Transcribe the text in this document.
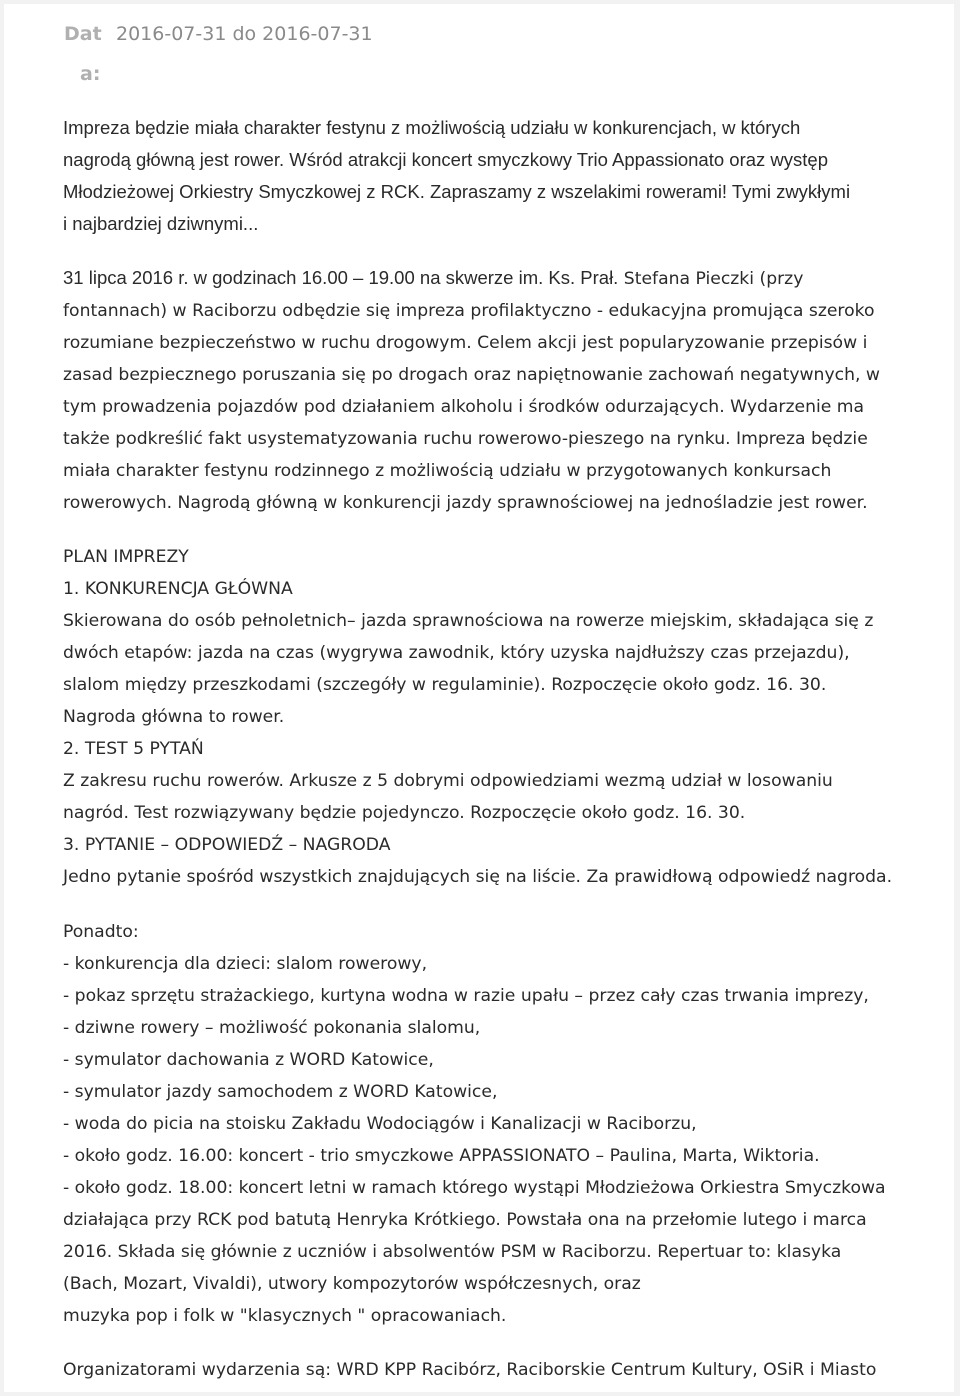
Dat
a:
2016-07-31 do 2016-07-31

Impreza będzie miała charakter festynu z możliwością udziału w konkurencjach, w których
nagrodą główną jest rower. Wśród atrakcji koncert smyczkowy Trio Appassionato oraz występ
Młodzieżowej Orkiestry Smyczkowej z RCK. Zapraszamy z wszelakimi rowerami! Tymi zwykłymi
i najbardziej dziwnymi...

31 lipca 2016 r. w godzinach 16.00 – 19.00 na skwerze im. Ks. Prał. Stefana Pieczki (przy
fontannach) w Raciborzu odbędzie się impreza profilaktyczno - edukacyjna promująca szeroko
rozumiane bezpieczeństwo w ruchu drogowym. Celem akcji jest popularyzowanie przepisów i
zasad bezpiecznego poruszania się po drogach oraz napiętnowanie zachowań negatywnych, w
tym prowadzenia pojazdów pod działaniem alkoholu i środków odurzających. Wydarzenie ma
także podkreślić fakt usystematyzowania ruchu rowerowo-pieszego na rynku. Impreza będzie
miała charakter festynu rodzinnego z możliwością udziału w przygotowanych konkursach
rowerowych. Nagrodą główną w konkurencji jazdy sprawnościowej na jednośladzie jest rower.

PLAN IMPREZY
1. KONKURENCJA GŁÓWNA
Skierowana do osób pełnoletnich– jazda sprawnościowa na rowerze miejskim, składająca się z
dwóch etapów: jazda na czas (wygrywa zawodnik, który uzyska najdłuższy czas przejazdu),
slalom między przeszkodami (szczegóły w regulaminie). Rozpoczęcie około godz. 16. 30.
Nagroda główna to rower.
2. TEST 5 PYTAŃ
Z zakresu ruchu rowerów. Arkusze z 5 dobrymi odpowiedziami wezmą udział w losowaniu
nagród. Test rozwiązywany będzie pojedynczo. Rozpoczęcie około godz. 16. 30.
3. PYTANIE – ODPOWIEDŹ – NAGRODA
Jedno pytanie spośród wszystkich znajdujących się na liście. Za prawidłową odpowiedź nagroda.

Ponadto:
- konkurencja dla dzieci: slalom rowerowy,
- pokaz sprzętu strażackiego, kurtyna wodna w razie upału – przez cały czas trwania imprezy,
- dziwne rowery – możliwość pokonania slalomu,
- symulator dachowania z WORD Katowice,
- symulator jazdy samochodem z WORD Katowice,
- woda do picia na stoisku Zakładu Wodociągów i Kanalizacji w Raciborzu,
- około godz. 16.00: koncert - trio smyczkowe APPASSIONATO – Paulina, Marta, Wiktoria.
- około godz. 18.00: koncert letni w ramach którego wystąpi Młodzieżowa Orkiestra Smyczkowa
działająca przy RCK pod batutą Henryka Krótkiego. Powstała ona na przełomie lutego i marca
2016. Składa się głównie z uczniów i absolwentów PSM w Raciborzu. Repertuar to: klasyka
(Bach, Mozart, Vivaldi), utwory kompozytorów współczesnych, oraz
muzyka pop i folk w "klasycznych " opracowaniach.

Organizatorami wydarzenia są: WRD KPP Racibórz, Raciborskie Centrum Kultury, OSiR i Miasto
